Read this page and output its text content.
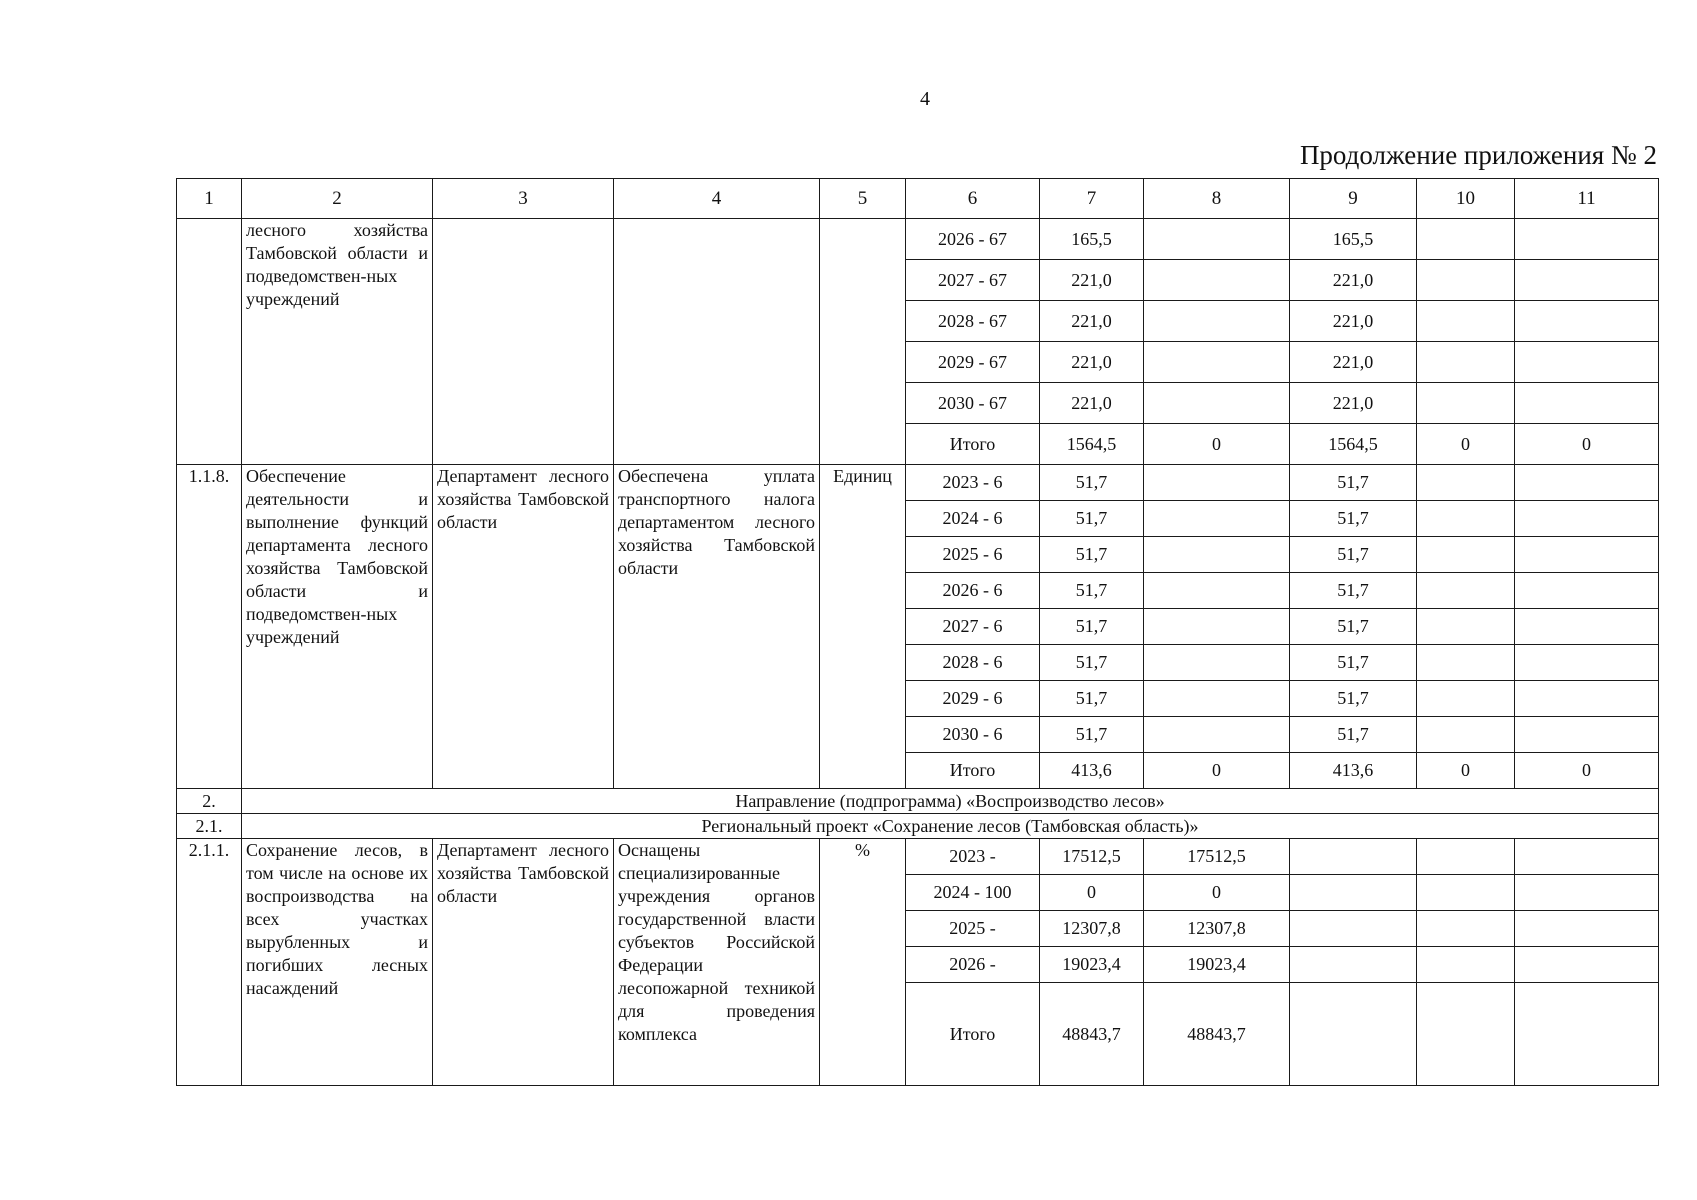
4
Продолжение приложения № 2
1	2	3	4	5	6	7	8	9	10	11
	лесного хозяйства Тамбовской области и подведомствен-ных учреждений				2026 - 67	165,5		165,5		
					2027 - 67	221,0		221,0		
					2028 - 67	221,0		221,0		
					2029 - 67	221,0		221,0		
					2030 - 67	221,0		221,0		
					Итого	1564,5	0	1564,5	0	0
1.1.8.	Обеспечение деятельности и выполнение функций департамента лесного хозяйства Тамбовской области и подведомствен-ных учреждений	Департамент лесного хозяйства Тамбовской области	Обеспечена уплата транспортного налога департаментом лесного хозяйства Тамбовской области	Единиц	2023 - 6	51,7		51,7		
					2024 - 6	51,7		51,7		
					2025 - 6	51,7		51,7		
					2026 - 6	51,7		51,7		
					2027 - 6	51,7		51,7		
					2028 - 6	51,7		51,7		
					2029 - 6	51,7		51,7		
					2030 - 6	51,7		51,7		
					Итого	413,6	0	413,6	0	0
2.	Направление (подпрограмма) «Воспроизводство лесов»									
2.1.	Региональный проект «Сохранение лесов (Тамбовская область)»									
2.1.1.	Сохранение лесов, в том числе на основе их воспроизводства на всех участках вырубленных и погибших лесных насаждений	Департамент лесного хозяйства Тамбовской области	Оснащены специализированные учреждения органов государственной власти субъектов Российской Федерации лесопожарной техникой для проведения комплекса	%	2023 -	17512,5	17512,5			
					2024 - 100	0	0			
					2025 -	12307,8	12307,8			
					2026 -	19023,4	19023,4			
					Итого	48843,7	48843,7			
